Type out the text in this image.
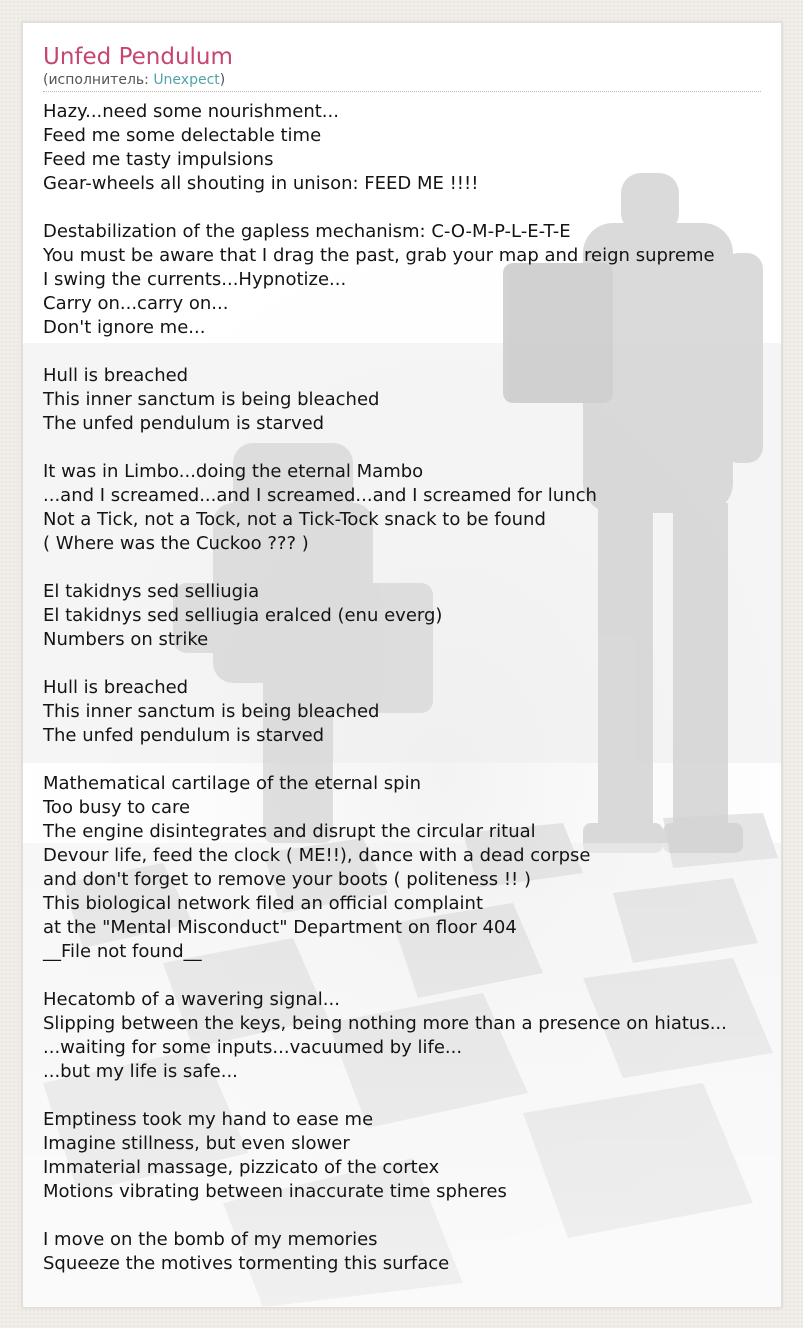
Unfed Pendulum
(исполнитель: Unexpect)
Hazy...need some nourishment...
Feed me some delectable time
Feed me tasty impulsions
Gear-wheels all shouting in unison: FEED ME !!!!
Destabilization of the gapless mechanism: C-O-M-P-L-E-T-E
You must be aware that I drag the past, grab your map and reign supreme
I swing the currents...Hypnotize...
Carry on...carry on...
Don't ignore me...
Hull is breached
This inner sanctum is being bleached
The unfed pendulum is starved
It was in Limbo...doing the eternal Mambo
...and I screamed...and I screamed...and I screamed for lunch
Not a Tick, not a Tock, not a Tick-Tock snack to be found
( Where was the Cuckoo ??? )
El takidnys sed selliugia
El takidnys sed selliugia eralced (enu everg)
Numbers on strike
Hull is breached
This inner sanctum is being bleached
The unfed pendulum is starved
Mathematical cartilage of the eternal spin
Too busy to care
The engine disintegrates and disrupt the circular ritual
Devour life, feed the clock ( ME!!), dance with a dead corpse
and don't forget to remove your boots ( politeness !! )
This biological network filed an official complaint
at the "Mental Misconduct" Department on floor 404
__File not found__
Hecatomb of a wavering signal...
Slipping between the keys, being nothing more than a presence on hiatus...
...waiting for some inputs...vacuumed by life...
...but my life is safe...
Emptiness took my hand to ease me
Imagine stillness, but even slower
Immaterial massage, pizzicato of the cortex
Motions vibrating between inaccurate time spheres
I move on the bomb of my memories
Squeeze the motives tormenting this surface
